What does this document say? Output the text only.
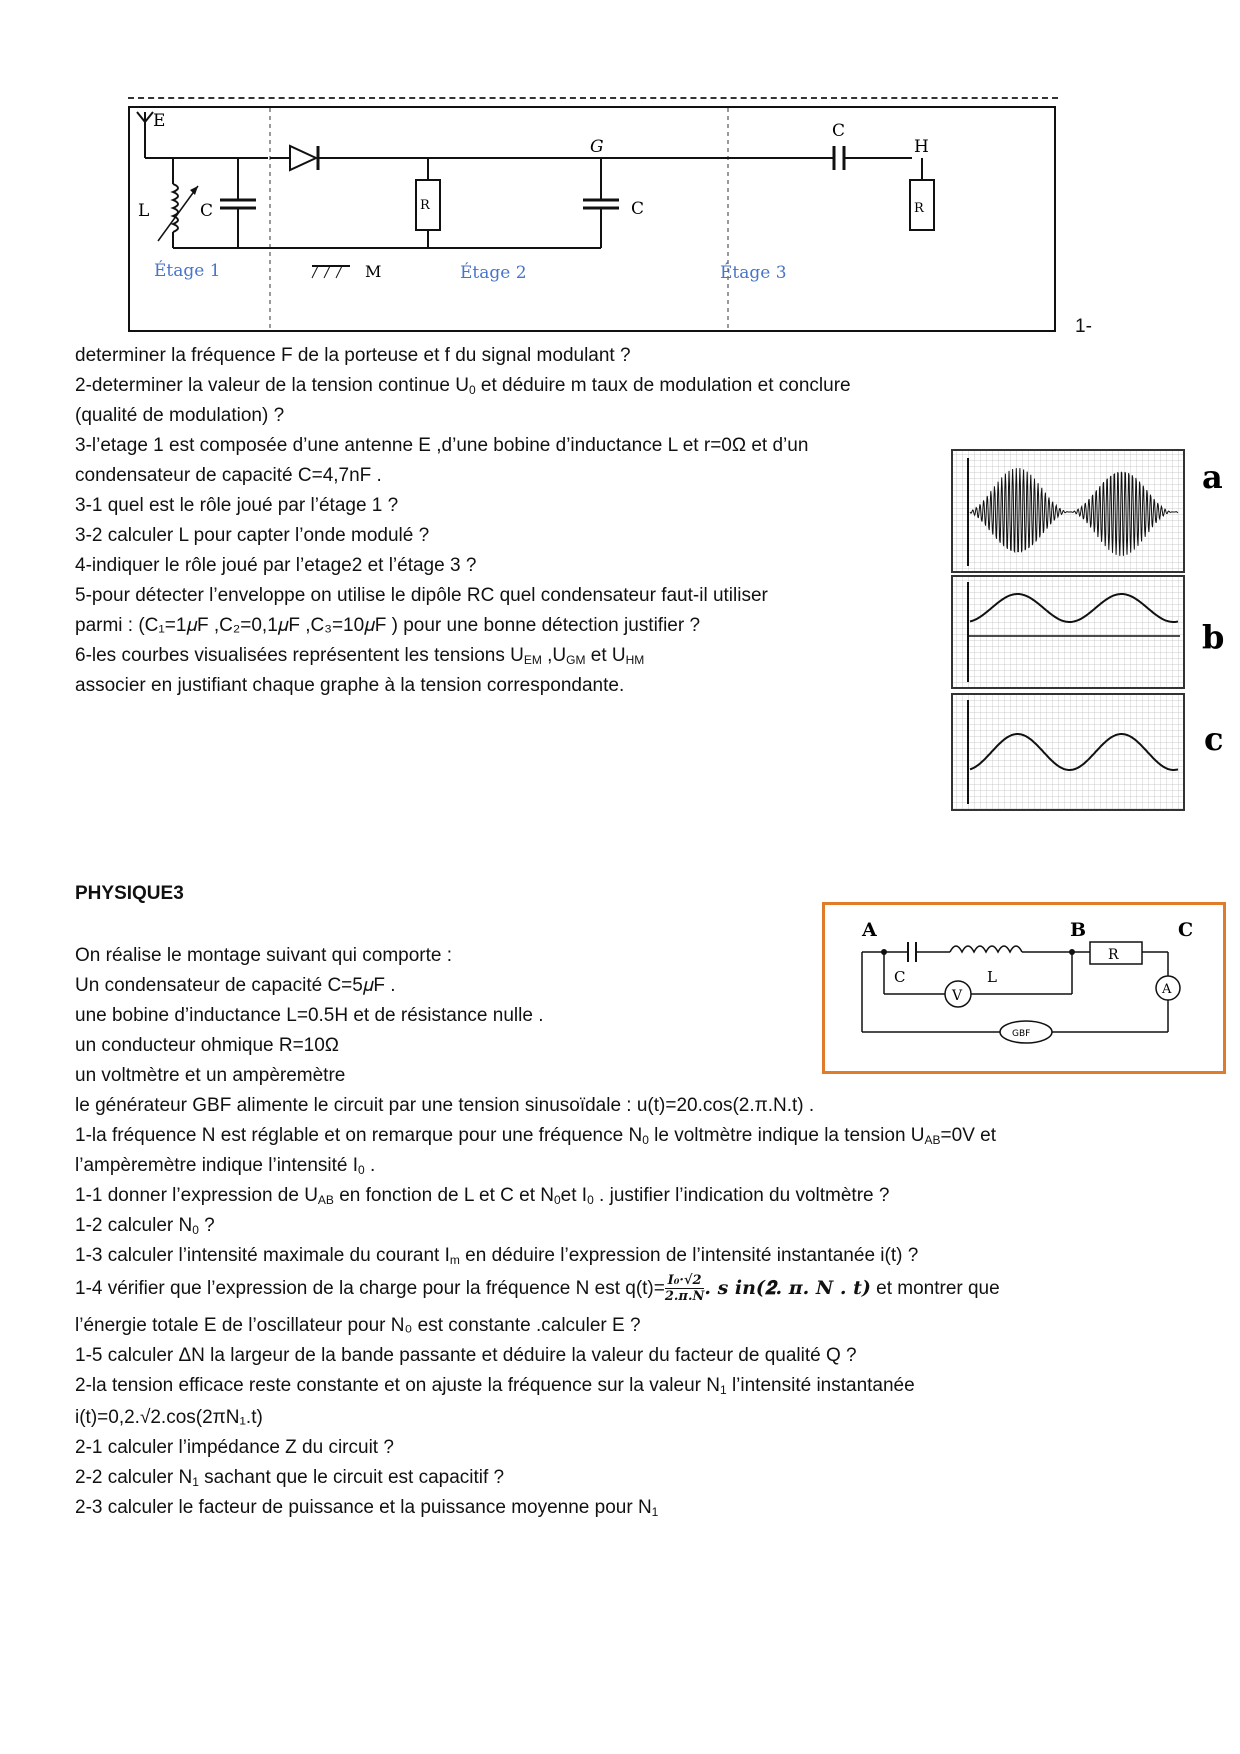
E
L	C
G
R	C
M
C
H
R
Étage 1	Étage 2	Étage 3
1-
determiner la fréquence F de la porteuse et f du signal modulant ?
2-determiner la valeur de la tension continue $U_0$ et déduire m taux de modulation et conclure
(qualité de modulation) ?
3-l’etage 1 est composée d’une antenne E ,d’une bobine d’inductance L et r=0Ω et d’un
condensateur de capacité C=4,7nF .
3-1 quel est le rôle joué par l’étage 1 ?
3-2 calculer L pour capter l’onde modulé ?
4-indiquer le rôle joué par l’etage2 et l’étage 3 ?
5-pour détecter l’enveloppe on utilise le dipôle RC quel condensateur faut-il utiliser
parmi : (C₁=1𝜇F ,C₂=0,1𝜇F ,C₃=10𝜇F ) pour une bonne détection justifier ?
6-les courbes visualisées représentent les tensions $U_{EM}$ $,U_{GM}$ et $U_{HM}$
associer en justifiant chaque graphe à la tension correspondante.
a
b
c
PHYSIQUE3
A	B	C
C	L
R
A
GBF
V
On réalise le montage suivant qui comporte :
Un condensateur de capacité C=5𝜇F .
une bobine d’inductance L=0.5H et de résistance nulle .
un conducteur ohmique R=10Ω
un voltmètre et un ampèremètre
le générateur GBF alimente le circuit par une tension sinusoïdale : u(t)=20.cos(2.π.N.t) .
1-la fréquence N est réglable et on remarque pour une fréquence $N_0$ le voltmètre indique la tension $U_{AB}=0V$ et
l’ampèremètre indique l’intensité $I_0$ .
1-1 donner l’expression de $U_{AB}$ en fonction de L et C et $N_0et$ $I_0$ . justifier l’indication du voltmètre ?
1-2 calculer $N_0$ ?
1-3 calculer l’intensité maximale du courant $I_m$ en déduire l’expression de l’intensité instantanée i(t) ?
1-4 vérifier que l’expression de la charge pour la fréquence N est $q(t)= \frac{\text{I₀·√2}}{2.\pi.N}$ . 𝒔 𝒊𝒏(𝟐. 𝝅. 𝑵 . 𝒕) et montrer que
l’énergie totale E de l’oscillateur pour N₀ est constante .calculer E ?
1-5 calculer ΔN la largeur de la bande passante et déduire la valeur du facteur de qualité Q ?
2-la tension efficace reste constante et on ajuste la fréquence sur la valeur $N_1$ l’intensité instantanée
i(t)=0,2.√2.cos(2πN₁.t)
2-1 calculer l’impédance Z du circuit ?
2-2 calculer $N_1$ sachant que le circuit est capacitif ?
2-3 calculer le facteur de puissance et la puissance moyenne pour $N_1$
